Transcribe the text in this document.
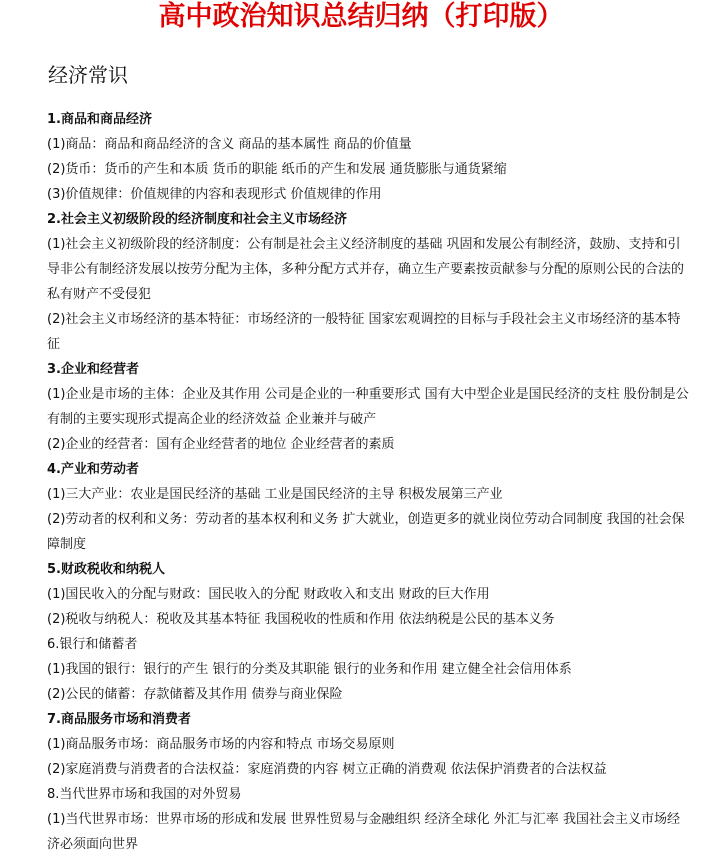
高中政治知识总结归纳（打印版）
经济常识
1.商品和商品经济
(1)商品：商品和商品经济的含义 商品的基本属性 商品的价值量
(2)货币：货币的产生和本质 货币的职能 纸币的产生和发展 通货膨胀与通货紧缩
(3)价值规律：价值规律的内容和表现形式 价值规律的作用
2.社会主义初级阶段的经济制度和社会主义市场经济
(1)社会主义初级阶段的经济制度：公有制是社会主义经济制度的基础 巩固和发展公有制经济，鼓励、支持和引导非公有制经济发展以按劳分配为主体，多种分配方式并存，确立生产要素按贡献参与分配的原则公民的合法的私有财产不受侵犯
(2)社会主义市场经济的基本特征：市场经济的一般特征 国家宏观调控的目标与手段社会主义市场经济的基本特征
3.企业和经营者
(1)企业是市场的主体：企业及其作用 公司是企业的一种重要形式 国有大中型企业是国民经济的支柱 股份制是公有制的主要实现形式提高企业的经济效益 企业兼并与破产
(2)企业的经营者：国有企业经营者的地位 企业经营者的素质
4.产业和劳动者
(1)三大产业：农业是国民经济的基础 工业是国民经济的主导 积极发展第三产业
(2)劳动者的权利和义务：劳动者的基本权利和义务 扩大就业，创造更多的就业岗位劳动合同制度 我国的社会保障制度
5.财政税收和纳税人
(1)国民收入的分配与财政：国民收入的分配 财政收入和支出 财政的巨大作用
(2)税收与纳税人：税收及其基本特征 我国税收的性质和作用 依法纳税是公民的基本义务
6.银行和储蓄者
(1)我国的银行：银行的产生 银行的分类及其职能 银行的业务和作用 建立健全社会信用体系
(2)公民的储蓄：存款储蓄及其作用 债券与商业保险
7.商品服务市场和消费者
(1)商品服务市场：商品服务市场的内容和特点 市场交易原则
(2)家庭消费与消费者的合法权益：家庭消费的内容 树立正确的消费观 依法保护消费者的合法权益
8.当代世界市场和我国的对外贸易
(1)当代世界市场：世界市场的形成和发展 世界性贸易与金融组织 经济全球化 外汇与汇率 我国社会主义市场经济必须面向世界
